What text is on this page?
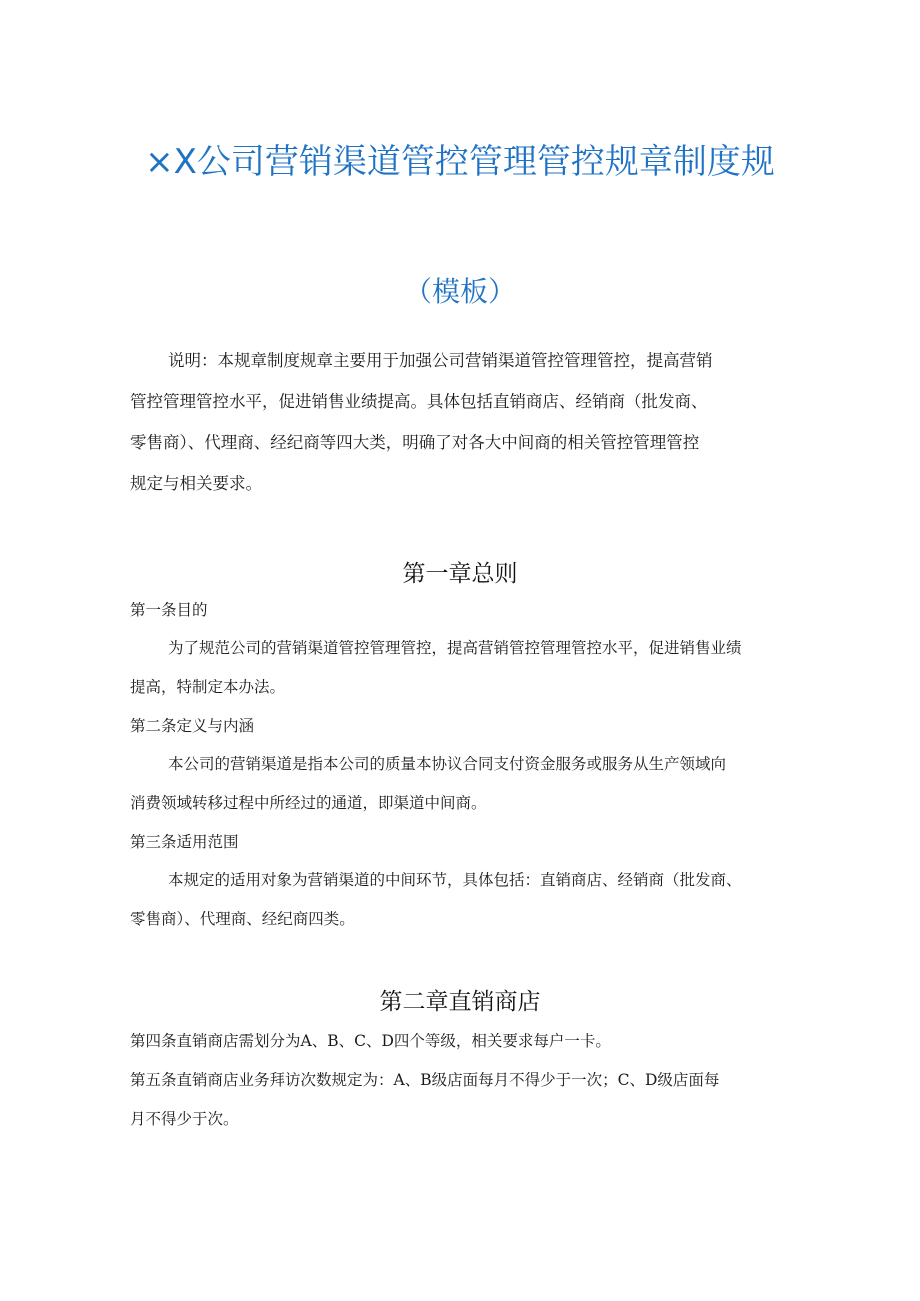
×X公司营销渠道管控管理管控规章制度规
（模板）
说明：本规章制度规章主要用于加强公司营销渠道管控管理管控，提高营销
管控管理管控水平，促进销售业绩提高。具体包括直销商店、经销商（批发商、
零售商）、代理商、经纪商等四大类，明确了对各大中间商的相关管控管理管控
规定与相关要求。
第一章总则
第一条目的
为了规范公司的营销渠道管控管理管控，提高营销管控管理管控水平，促进销售业绩
提高，特制定本办法。
第二条定义与内涵
本公司的营销渠道是指本公司的质量本协议合同支付资金服务或服务从生产领域向
消费领域转移过程中所经过的通道，即渠道中间商。
第三条适用范围
本规定的适用对象为营销渠道的中间环节，具体包括：直销商店、经销商（批发商、
零售商）、代理商、经纪商四类。
第二章直销商店
第四条直销商店需划分为A、B、C、D四个等级，相关要求每户一卡。
第五条直销商店业务拜访次数规定为：A、B级店面每月不得少于一次；C、D级店面每
月不得少于次。
